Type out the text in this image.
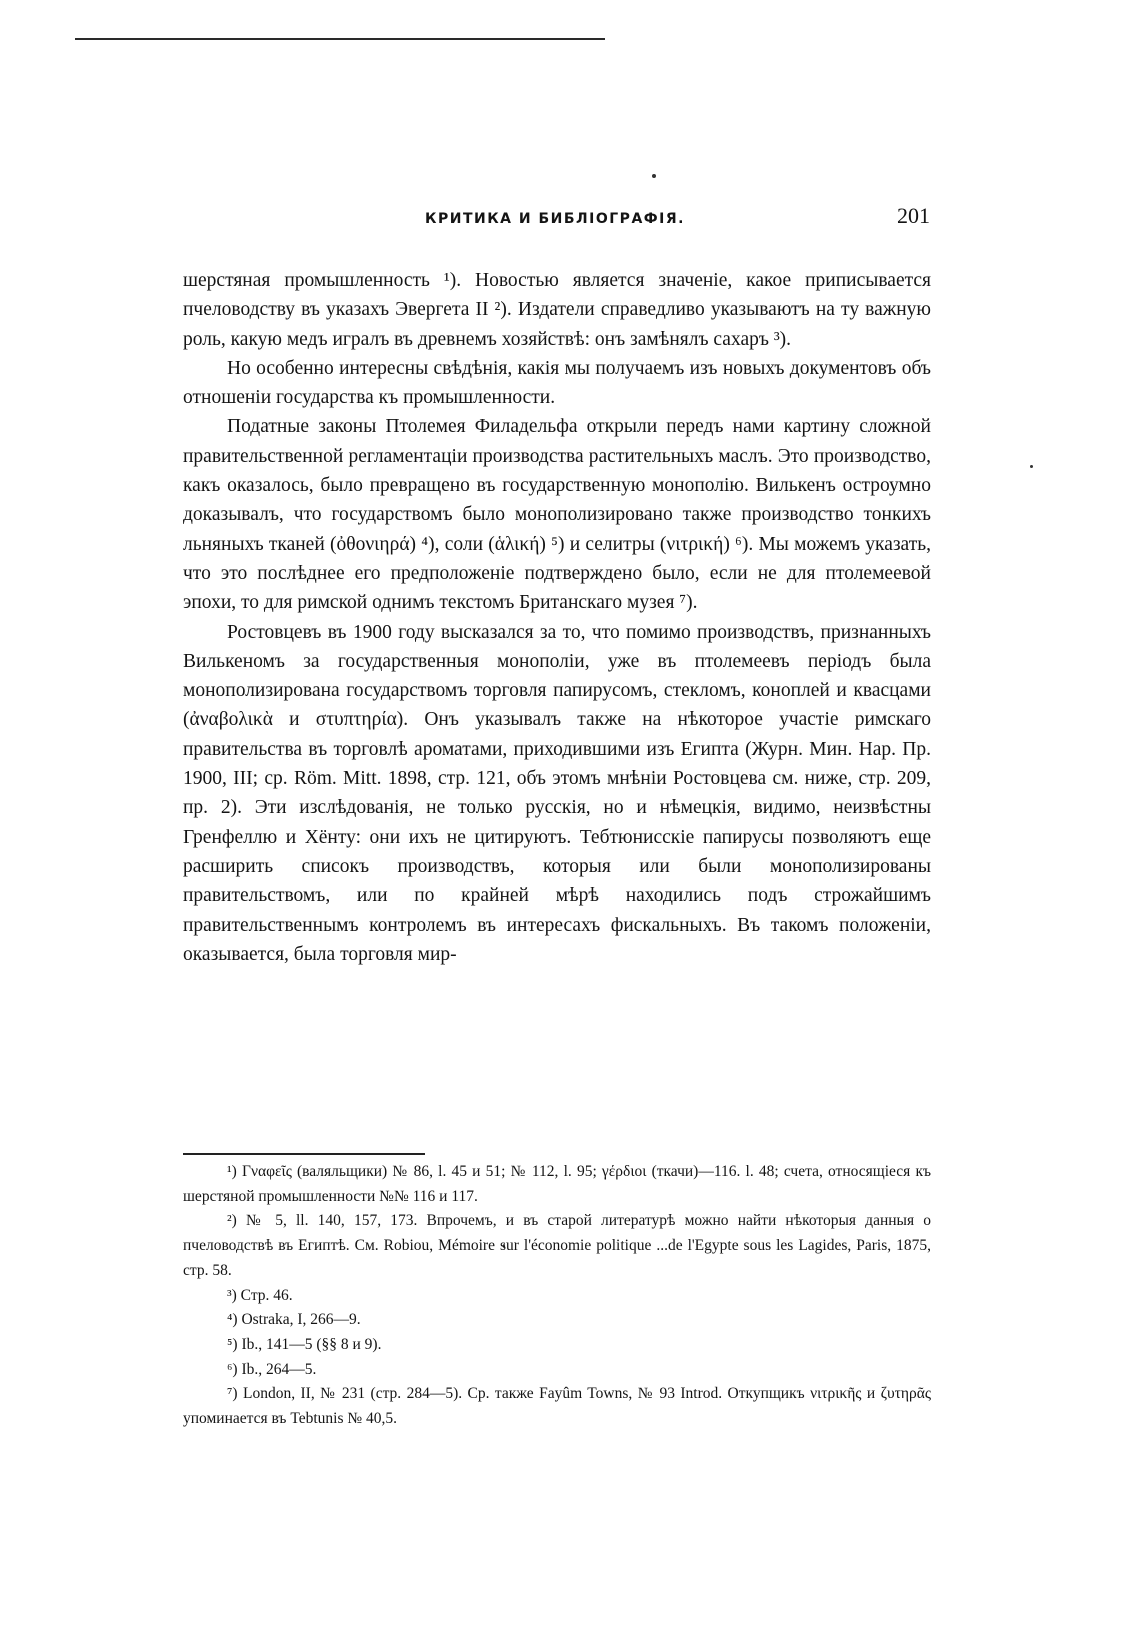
КРИТИКА И БИБЛІОГРАФІЯ.	201

шерстяная промышленность ¹). Новостью является значеніе, какое приписывается пчеловодству въ указахъ Эвергета II ²). Издатели справедливо указываютъ на ту важную роль, какую медъ игралъ въ древнемъ хозяйствѣ: онъ замѣнялъ сахаръ ³).

Но особенно интересны свѣдѣнія, какія мы получаемъ изъ новыхъ документовъ объ отношеніи государства къ промышленности.

Податные законы Птолемея Филадельфа открыли передъ нами картину сложной правительственной регламентаціи производства растительныхъ маслъ. Это производство, какъ оказалось, было превращено въ государственную монополію. Вилькенъ остроумно доказывалъ, что государствомъ было монополизировано также производство тонкихъ льняныхъ тканей (ὀθονιηρά) ⁴), соли (ἁλική) ⁵) и селитры (νιτρική) ⁶). Мы можемъ указать, что это послѣднее его предположеніе подтверждено было, если не для птолемеевой эпохи, то для римской однимъ текстомъ Британскаго музея ⁷).

Ростовцевъ въ 1900 году высказался за то, что помимо производствъ, признанныхъ Вилькеномъ за государственныя монополіи, уже въ птолемеевъ періодъ была монополизирована государствомъ торговля папирусомъ, стекломъ, коноплей и квасцами (ἀναβολικὰ и στυπτηρία). Онъ указывалъ также на нѣкоторое участіе римскаго правительства въ торговлѣ ароматами, приходившими изъ Египта (Журн. Мин. Нар. Пр. 1900, III; ср. Röm. Mitt. 1898, стр. 121, объ этомъ мнѣніи Ростовцева см. ниже, стр. 209, пр. 2). Эти изслѣдованія, не только русскія, но и нѣмецкія, видимо, неизвѣстны Гренфеллю и Хёнту: они ихъ не цитируютъ. Тебтюнисскіе папирусы позволяютъ еще расширить списокъ производствъ, которыя или были монополизированы правительствомъ, или по крайней мѣрѣ находились подъ строжайшимъ правительственнымъ контролемъ въ интересахъ фискальныхъ. Въ такомъ положеніи, оказывается, была торговля мир-

¹) Γναφεῖς (валяльщики) № 86, l. 45 и 51; № 112, l. 95; γέρδιοι (ткачи)—116. l. 48; счета, относящіеся къ шерстяной промышленности №№ 116 и 117.

²) № 5, ll. 140, 157, 173. Впрочемъ, и въ старой литературѣ можно найти нѣкоторыя данныя о пчеловодствѣ въ Египтѣ. См. Robiou, Mémoire sur l'économie politique ...de l'Egypte sous les Lagides, Paris, 1875, стр. 58.

³) Стр. 46.

⁴) Ostraka, I, 266—9.

⁵) Ib., 141—5 (§§ 8 и 9).

⁶) Ib., 264—5.

⁷) London, II, № 231 (стр. 284—5). Ср. также Fayûm Towns, № 93 Introd. Откупщикъ νιτρικῆς и ζυτηρᾶς упоминается въ Tebtunis № 40,5.
